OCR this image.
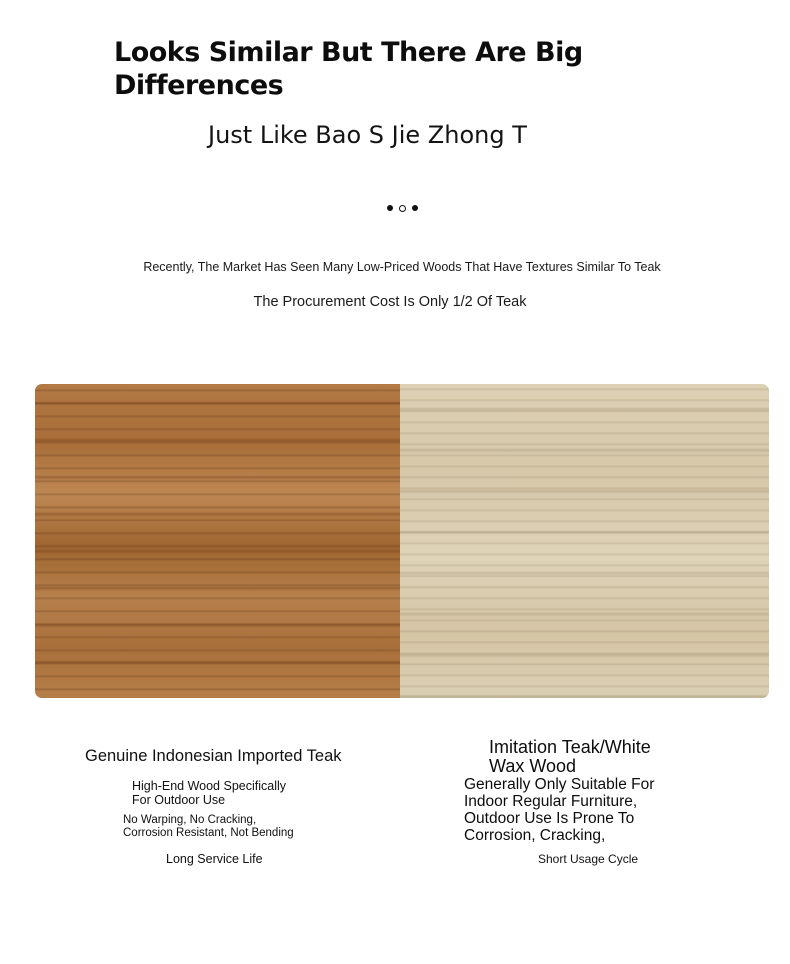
Looks Similar But There Are Big Differences
Just Like Bao S Jie Zhong T
Recently, The Market Has Seen Many Low-Priced Woods That Have Textures Similar To Teak
The Procurement Cost Is Only 1/2 Of Teak
Genuine Indonesian Imported Teak
High-End Wood Specifically
For Outdoor Use
No Warping, No Cracking,
Corrosion Resistant, Not Bending
Long Service Life
Imitation Teak/White
Wax Wood
Generally Only Suitable For
Indoor Regular Furniture,
Outdoor Use Is Prone To
Corrosion, Cracking,
Short Usage Cycle
